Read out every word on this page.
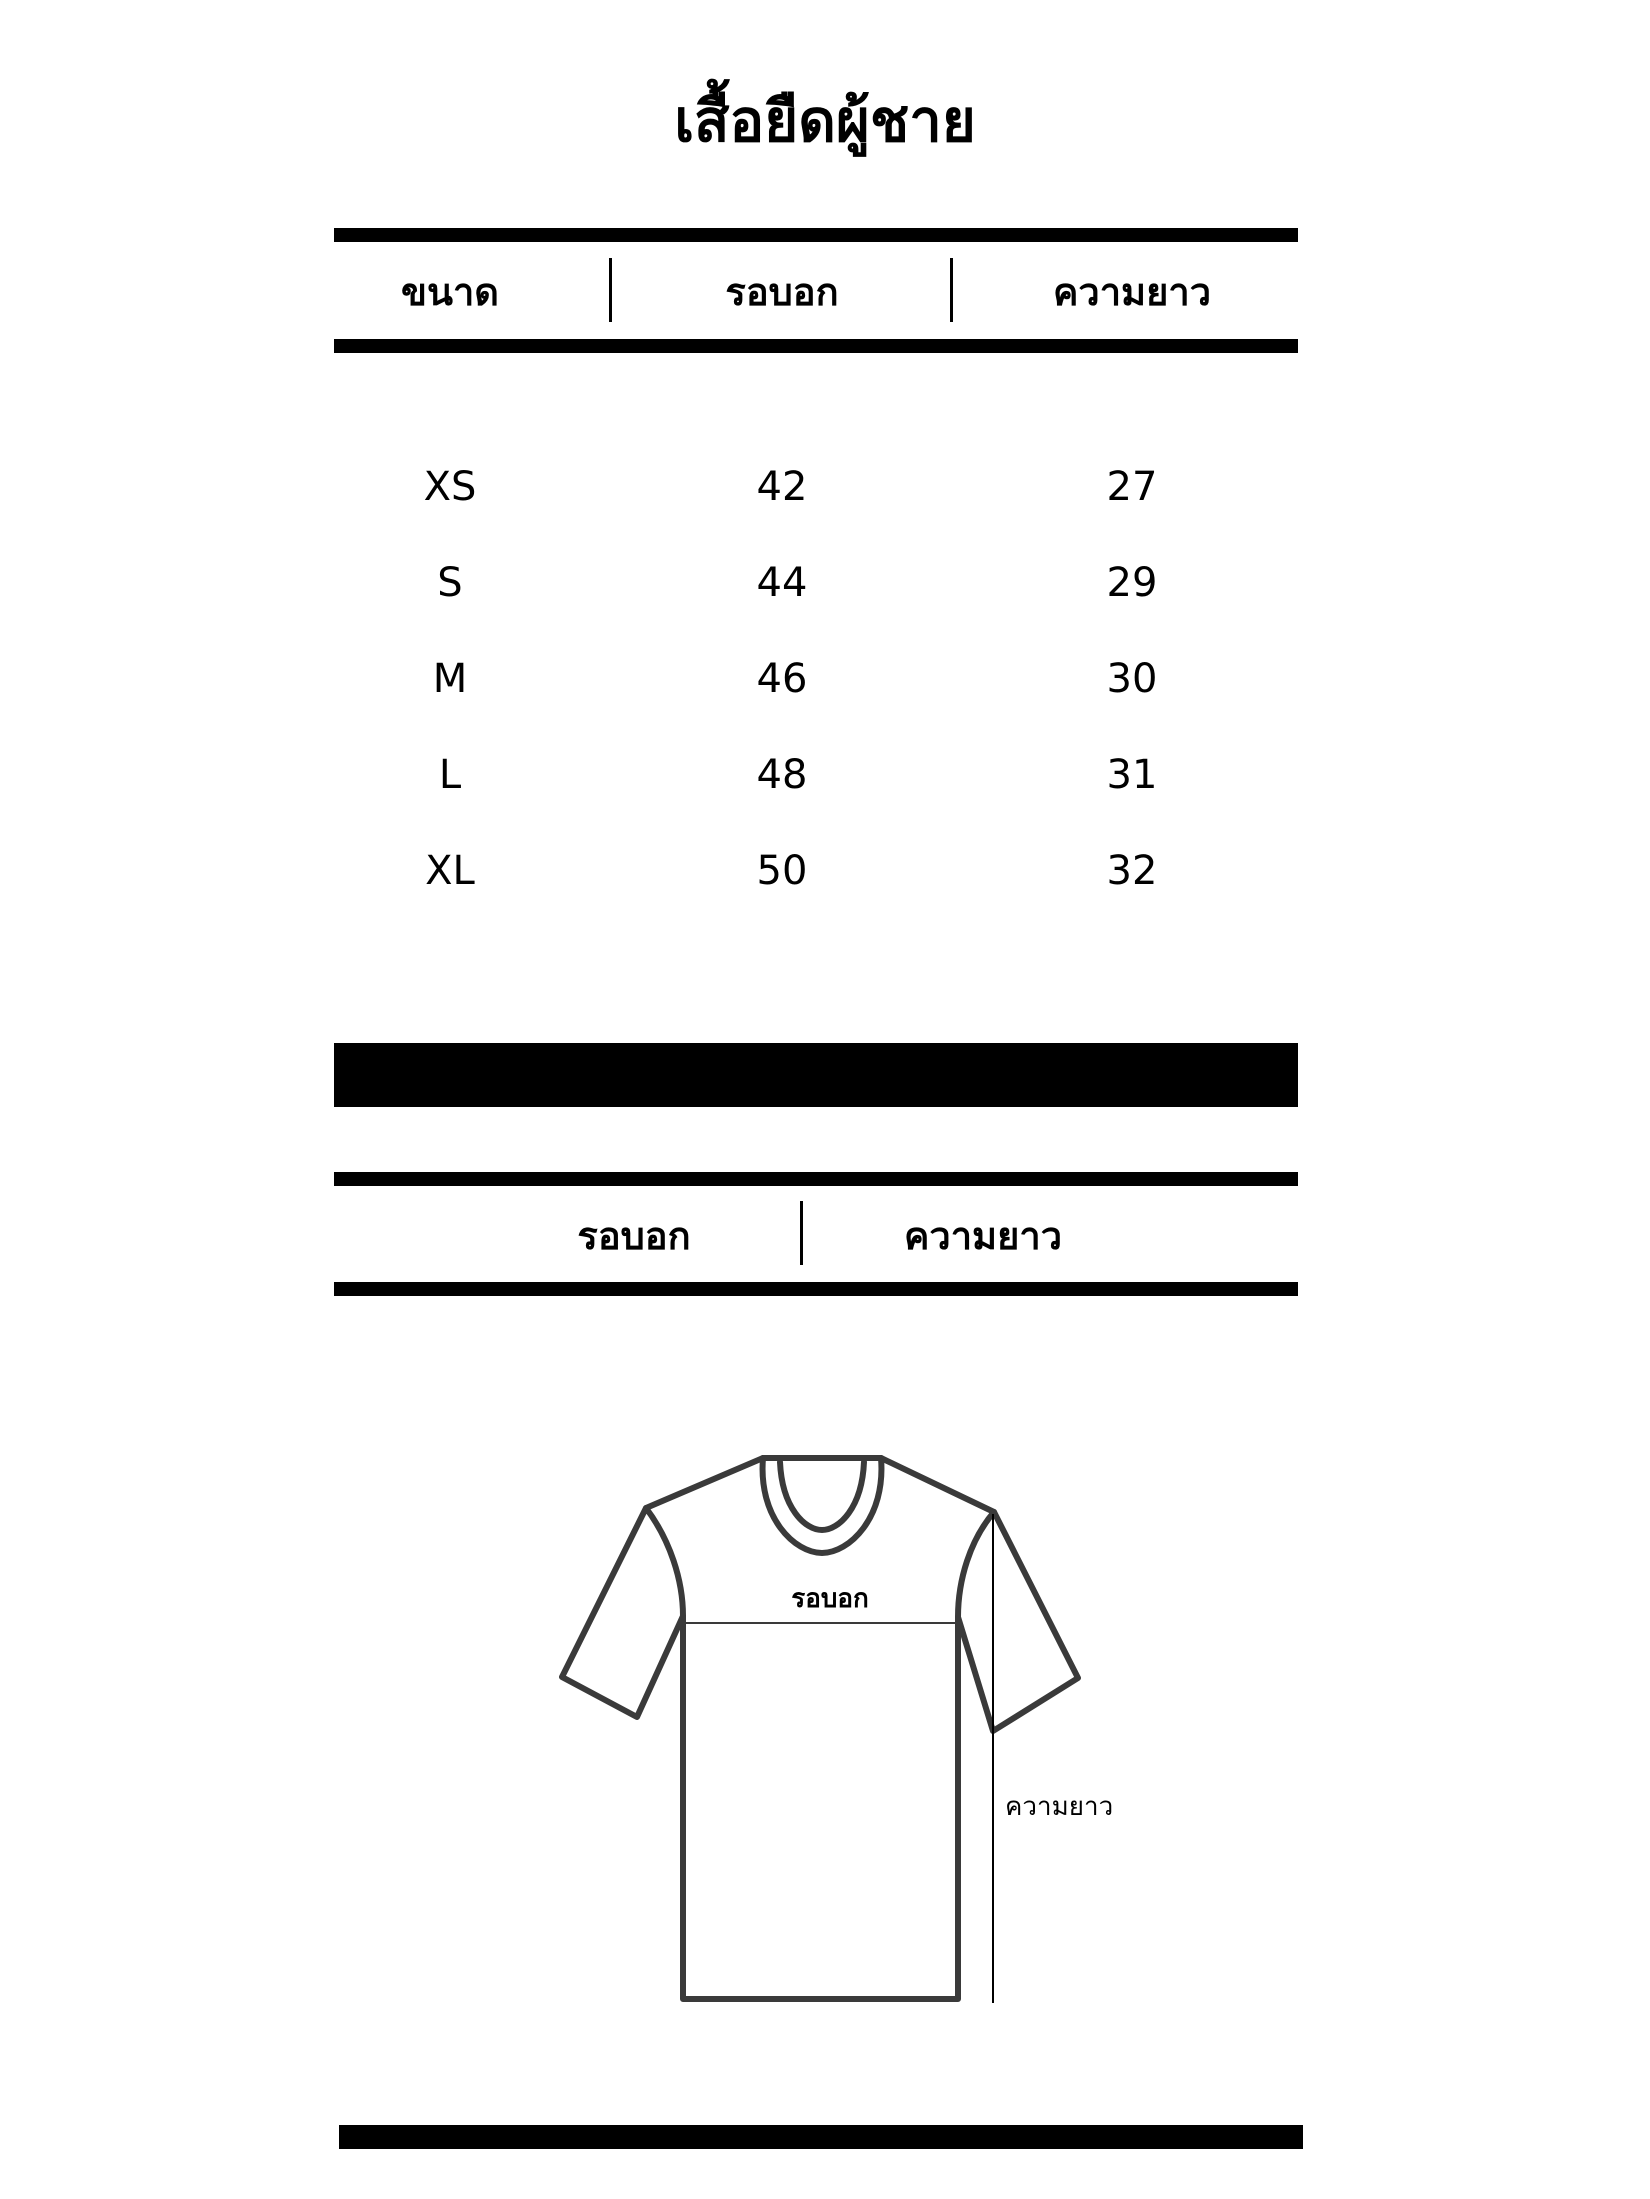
เสื้อยืดผู้ชาย
ขนาด	รอบอก	ความยาว
XS	42	27
S	44	29
M	46	30
L	48	31
XL	50	32
รอบอก	ความยาว
รอบอก
ความยาว
